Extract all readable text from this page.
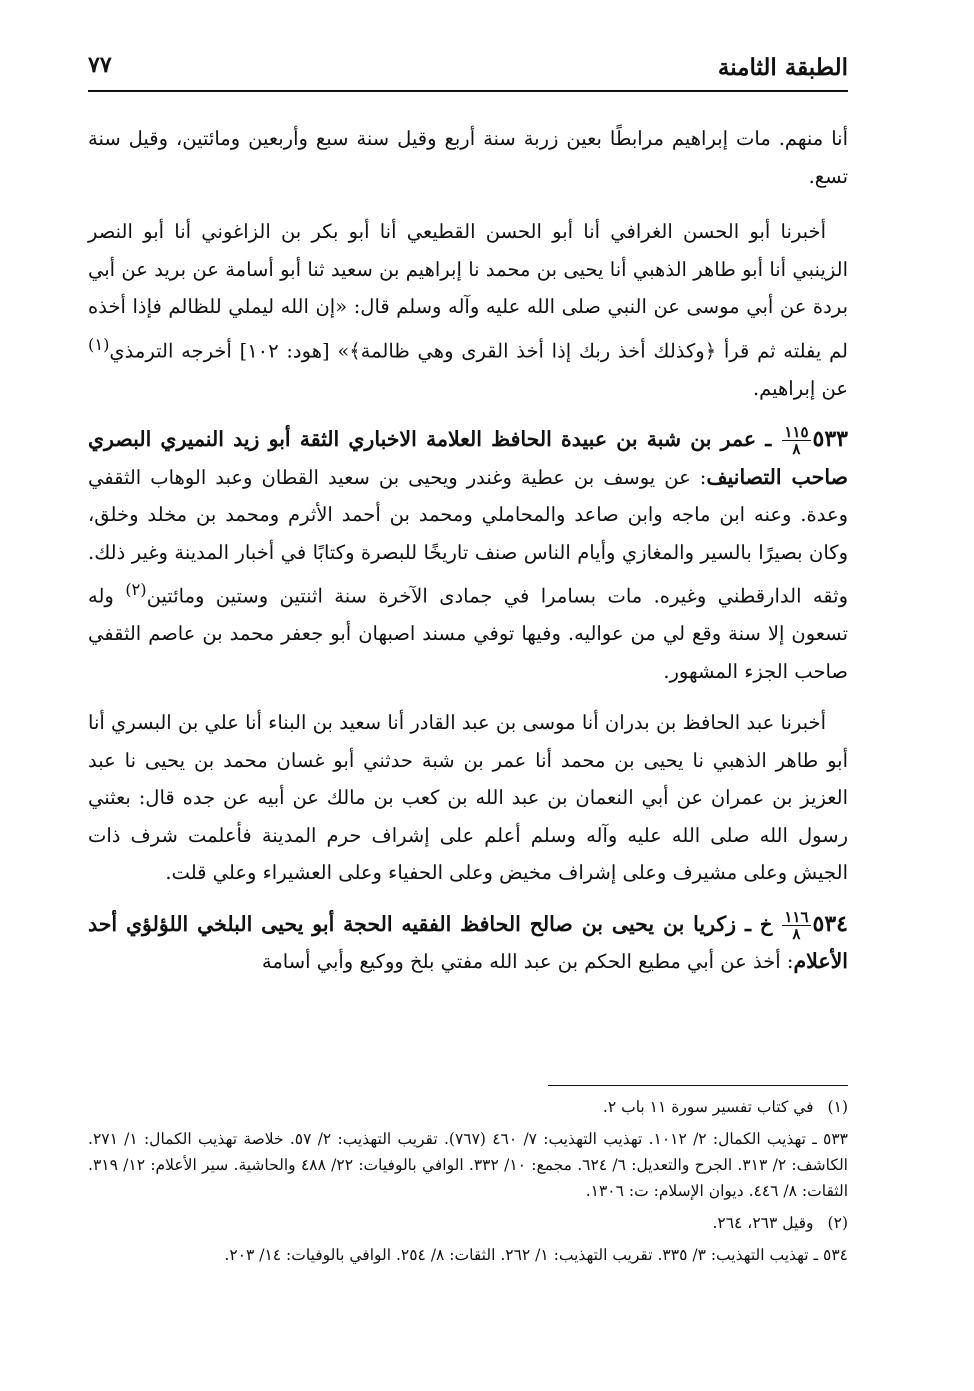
الطبقة الثامنة
٧٧

أنا منهم. مات إبراهيم مرابطًا بعين زربة سنة أربع وقيل سنة سبع وأربعين ومائتين، وقيل سنة تسع.

أخبرنا أبو الحسن الغرافي أنا أبو الحسن القطيعي أنا أبو بكر بن الزاغوني أنا أبو النصر الزينبي أنا أبو طاهر الذهبي أنا يحيى بن محمد نا إبراهيم بن سعيد ثنا أبو أسامة عن بريد عن أبي بردة عن أبي موسى عن النبي صلى الله عليه وآله وسلم قال: «إن الله ليملي للظالم فإذا أخذه لم يفلته ثم قرأ ﴿وكذلك أخذ ربك إذا أخذ القرى وهي ظالمة﴾» [هود: ١٠٢] أخرجه الترمذي$^{(١)}$ عن إبراهيم.

٥٣٣
$\frac{١١٥}{٨}$
ـ عمر بن شبة بن عبيدة الحافظ العلامة الاخباري الثقة أبو زيد النميري البصري صاحب التصانيف: عن يوسف بن عطية وغندر ويحيى بن سعيد القطان وعبد الوهاب الثقفي وعدة. وعنه ابن ماجه وابن صاعد والمحاملي ومحمد بن أحمد الأثرم ومحمد بن مخلد وخلق، وكان بصيرًا بالسير والمغازي وأيام الناس صنف تاريخًا للبصرة وكتابًا في أخبار المدينة وغير ذلك. وثقه الدارقطني وغيره. مات بسامرا في جمادى الآخرة سنة اثنتين وستين ومائتين$^{(٢)}$ وله تسعون إلا سنة وقع لي من عواليه. وفيها توفي مسند اصبهان أبو جعفر محمد بن عاصم الثقفي صاحب الجزء المشهور.

أخبرنا عبد الحافظ بن بدران أنا موسى بن عبد القادر أنا سعيد بن البناء أنا علي بن البسري أنا أبو طاهر الذهبي نا يحيى بن محمد أنا عمر بن شبة حدثني أبو غسان محمد بن يحيى نا عبد العزيز بن عمران عن أبي النعمان بن عبد الله بن كعب بن مالك عن أبيه عن جده قال: بعثني رسول الله صلى الله عليه وآله وسلم أعلم على إشراف حرم المدينة فأعلمت شرف ذات الجيش وعلى مشيرف وعلى إشراف مخيض وعلى الحفياء وعلى العشيراء وعلي قلت.

٥٣٤
$\frac{١١٦}{٨}$
خ ـ زكريا بن يحيى بن صالح الحافظ الفقيه الحجة أبو يحيى البلخي اللؤلؤي أحد الأعلام: أخذ عن أبي مطيع الحكم بن عبد الله مفتي بلخ ووكيع وأبي أسامة

(١)في كتاب تفسير سورة ١١ باب ٢.

٥٣٣ ـ تهذيب الكمال: ٢/ ١٠١٢. تهذيب التهذيب: ٧/ ٤٦٠ (٧٦٧). تقريب التهذيب: ٢/ ٥٧. خلاصة تهذيب الكمال: ١/ ٢٧١. الكاشف: ٢/ ٣١٣. الجرح والتعديل: ٦/ ٦٢٤. مجمع: ١٠/ ٣٣٢. الوافي بالوفيات: ٢٢/ ٤٨٨ والحاشية. سير الأعلام: ١٢/ ٣١٩. الثقات: ٨/ ٤٤٦. ديوان الإسلام: ت: ١٣٠٦.

(٢)وقيل ٢٦٣، ٢٦٤.

٥٣٤ ـ تهذيب التهذيب: ٣/ ٣٣٥. تقريب التهذيب: ١/ ٢٦٢. الثقات: ٨/ ٢٥٤. الوافي بالوفيات: ١٤/ ٢٠٣.
